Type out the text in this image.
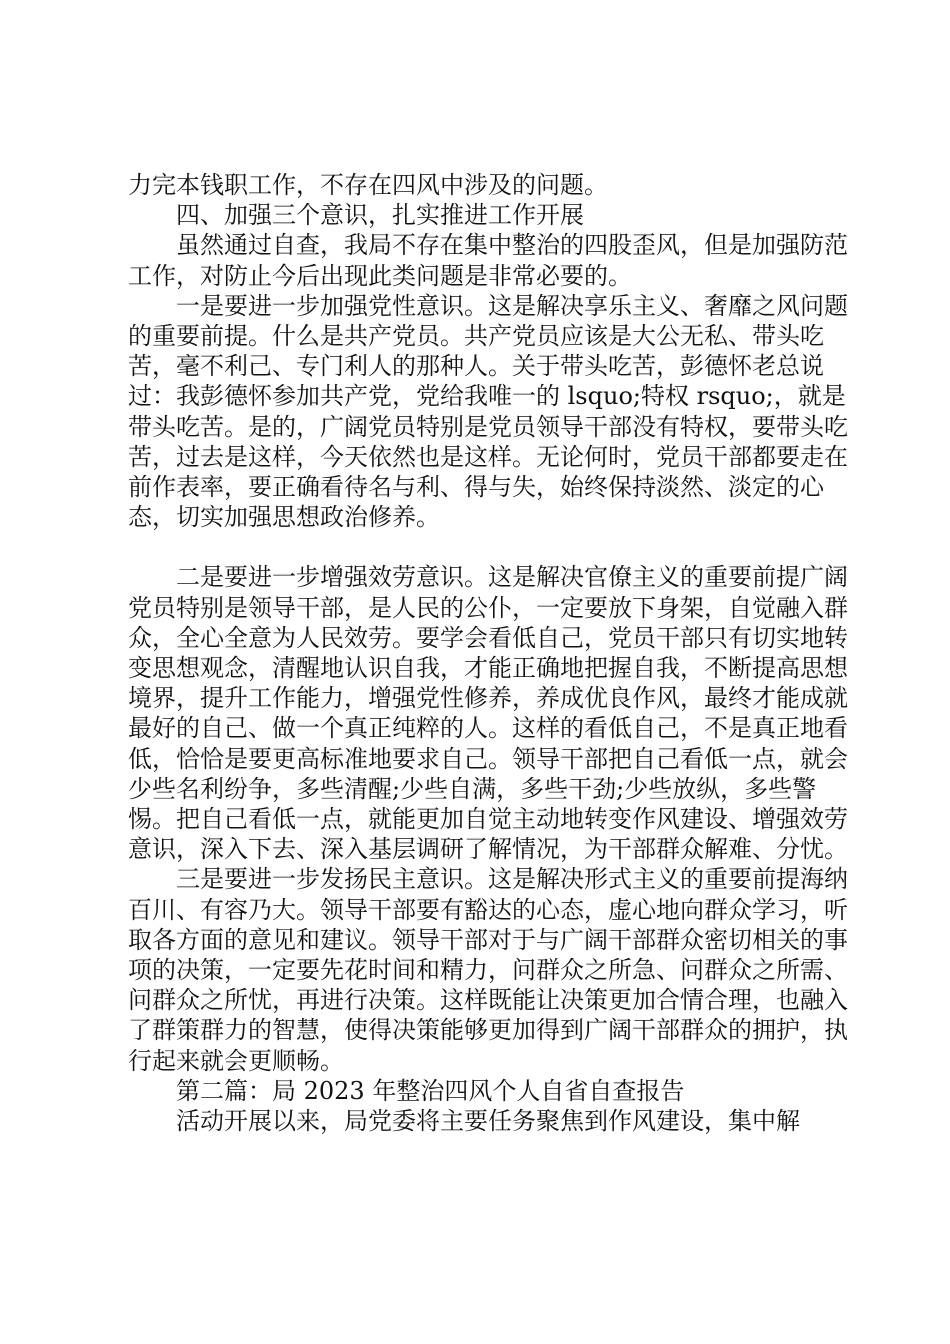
力完本钱职工作，不存在四风中涉及的问题。

四、加强三个意识，扎实推进工作开展

虽然通过自查，我局不存在集中整治的四股歪风，但是加强防范工作，对防止今后出现此类问题是非常必要的。

一是要进一步加强党性意识。这是解决享乐主义、奢靡之风问题的重要前提。什么是共产党员。共产党员应该是大公无私、带头吃苦，毫不利己、专门利人的那种人。关于带头吃苦，彭德怀老总说过：我彭德怀参加共产党，党给我唯一的 lsquo;特权 rsquo;，就是带头吃苦。是的，广阔党员特别是党员领导干部没有特权，要带头吃苦，过去是这样，今天依然也是这样。无论何时，党员干部都要走在前作表率，要正确看待名与利、得与失，始终保持淡然、淡定的心态，切实加强思想政治修养。

二是要进一步增强效劳意识。这是解决官僚主义的重要前提广阔党员特别是领导干部，是人民的公仆，一定要放下身架，自觉融入群众，全心全意为人民效劳。要学会看低自己，党员干部只有切实地转变思想观念，清醒地认识自我，才能正确地把握自我，不断提高思想境界，提升工作能力，增强党性修养，养成优良作风，最终才能成就最好的自己、做一个真正纯粹的人。这样的看低自己，不是真正地看低，恰恰是要更高标准地要求自己。领导干部把自己看低一点，就会少些名利纷争，多些清醒;少些自满，多些干劲;少些放纵，多些警惕。把自己看低一点，就能更加自觉主动地转变作风建设、增强效劳意识，深入下去、深入基层调研了解情况，为干部群众解难、分忧。

三是要进一步发扬民主意识。这是解决形式主义的重要前提海纳百川、有容乃大。领导干部要有豁达的心态，虚心地向群众学习，听取各方面的意见和建议。领导干部对于与广阔干部群众密切相关的事项的决策，一定要先花时间和精力，问群众之所急、问群众之所需、问群众之所忧，再进行决策。这样既能让决策更加合情合理，也融入了群策群力的智慧，使得决策能够更加得到广阔干部群众的拥护，执行起来就会更顺畅。

第二篇：局 2023 年整治四风个人自省自查报告

活动开展以来，局党委将主要任务聚焦到作风建设，集中解
